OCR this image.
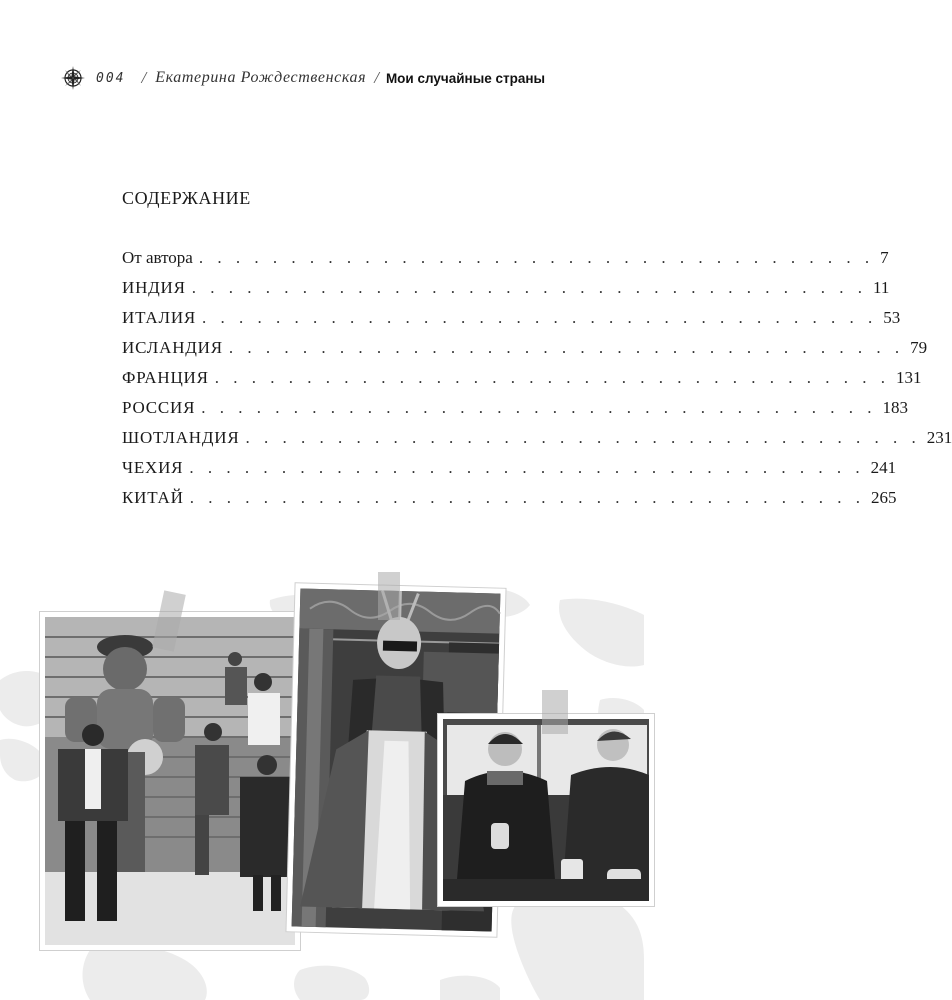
004 / Екатерина Рождественская / Мои случайные страны
СОДЕРЖАНИЕ
От автора . . . . . . . . . . . . . . . . . . . . . . . . . . . . . . . . . . . . . 7
ИНДИЯ . . . . . . . . . . . . . . . . . . . . . . . . . . . . . . . . . . . . . 11
ИТАЛИЯ . . . . . . . . . . . . . . . . . . . . . . . . . . . . . . . . . . . . . 53
ИСЛАНДИЯ . . . . . . . . . . . . . . . . . . . . . . . . . . . . . . . . . . . . . 79
ФРАНЦИЯ . . . . . . . . . . . . . . . . . . . . . . . . . . . . . . . . . . . . . 131
РОССИЯ . . . . . . . . . . . . . . . . . . . . . . . . . . . . . . . . . . . . . 183
ШОТЛАНДИЯ . . . . . . . . . . . . . . . . . . . . . . . . . . . . . . . . . . . . . 231
ЧЕХИЯ . . . . . . . . . . . . . . . . . . . . . . . . . . . . . . . . . . . . . 241
КИТАЙ . . . . . . . . . . . . . . . . . . . . . . . . . . . . . . . . . . . . . 265
